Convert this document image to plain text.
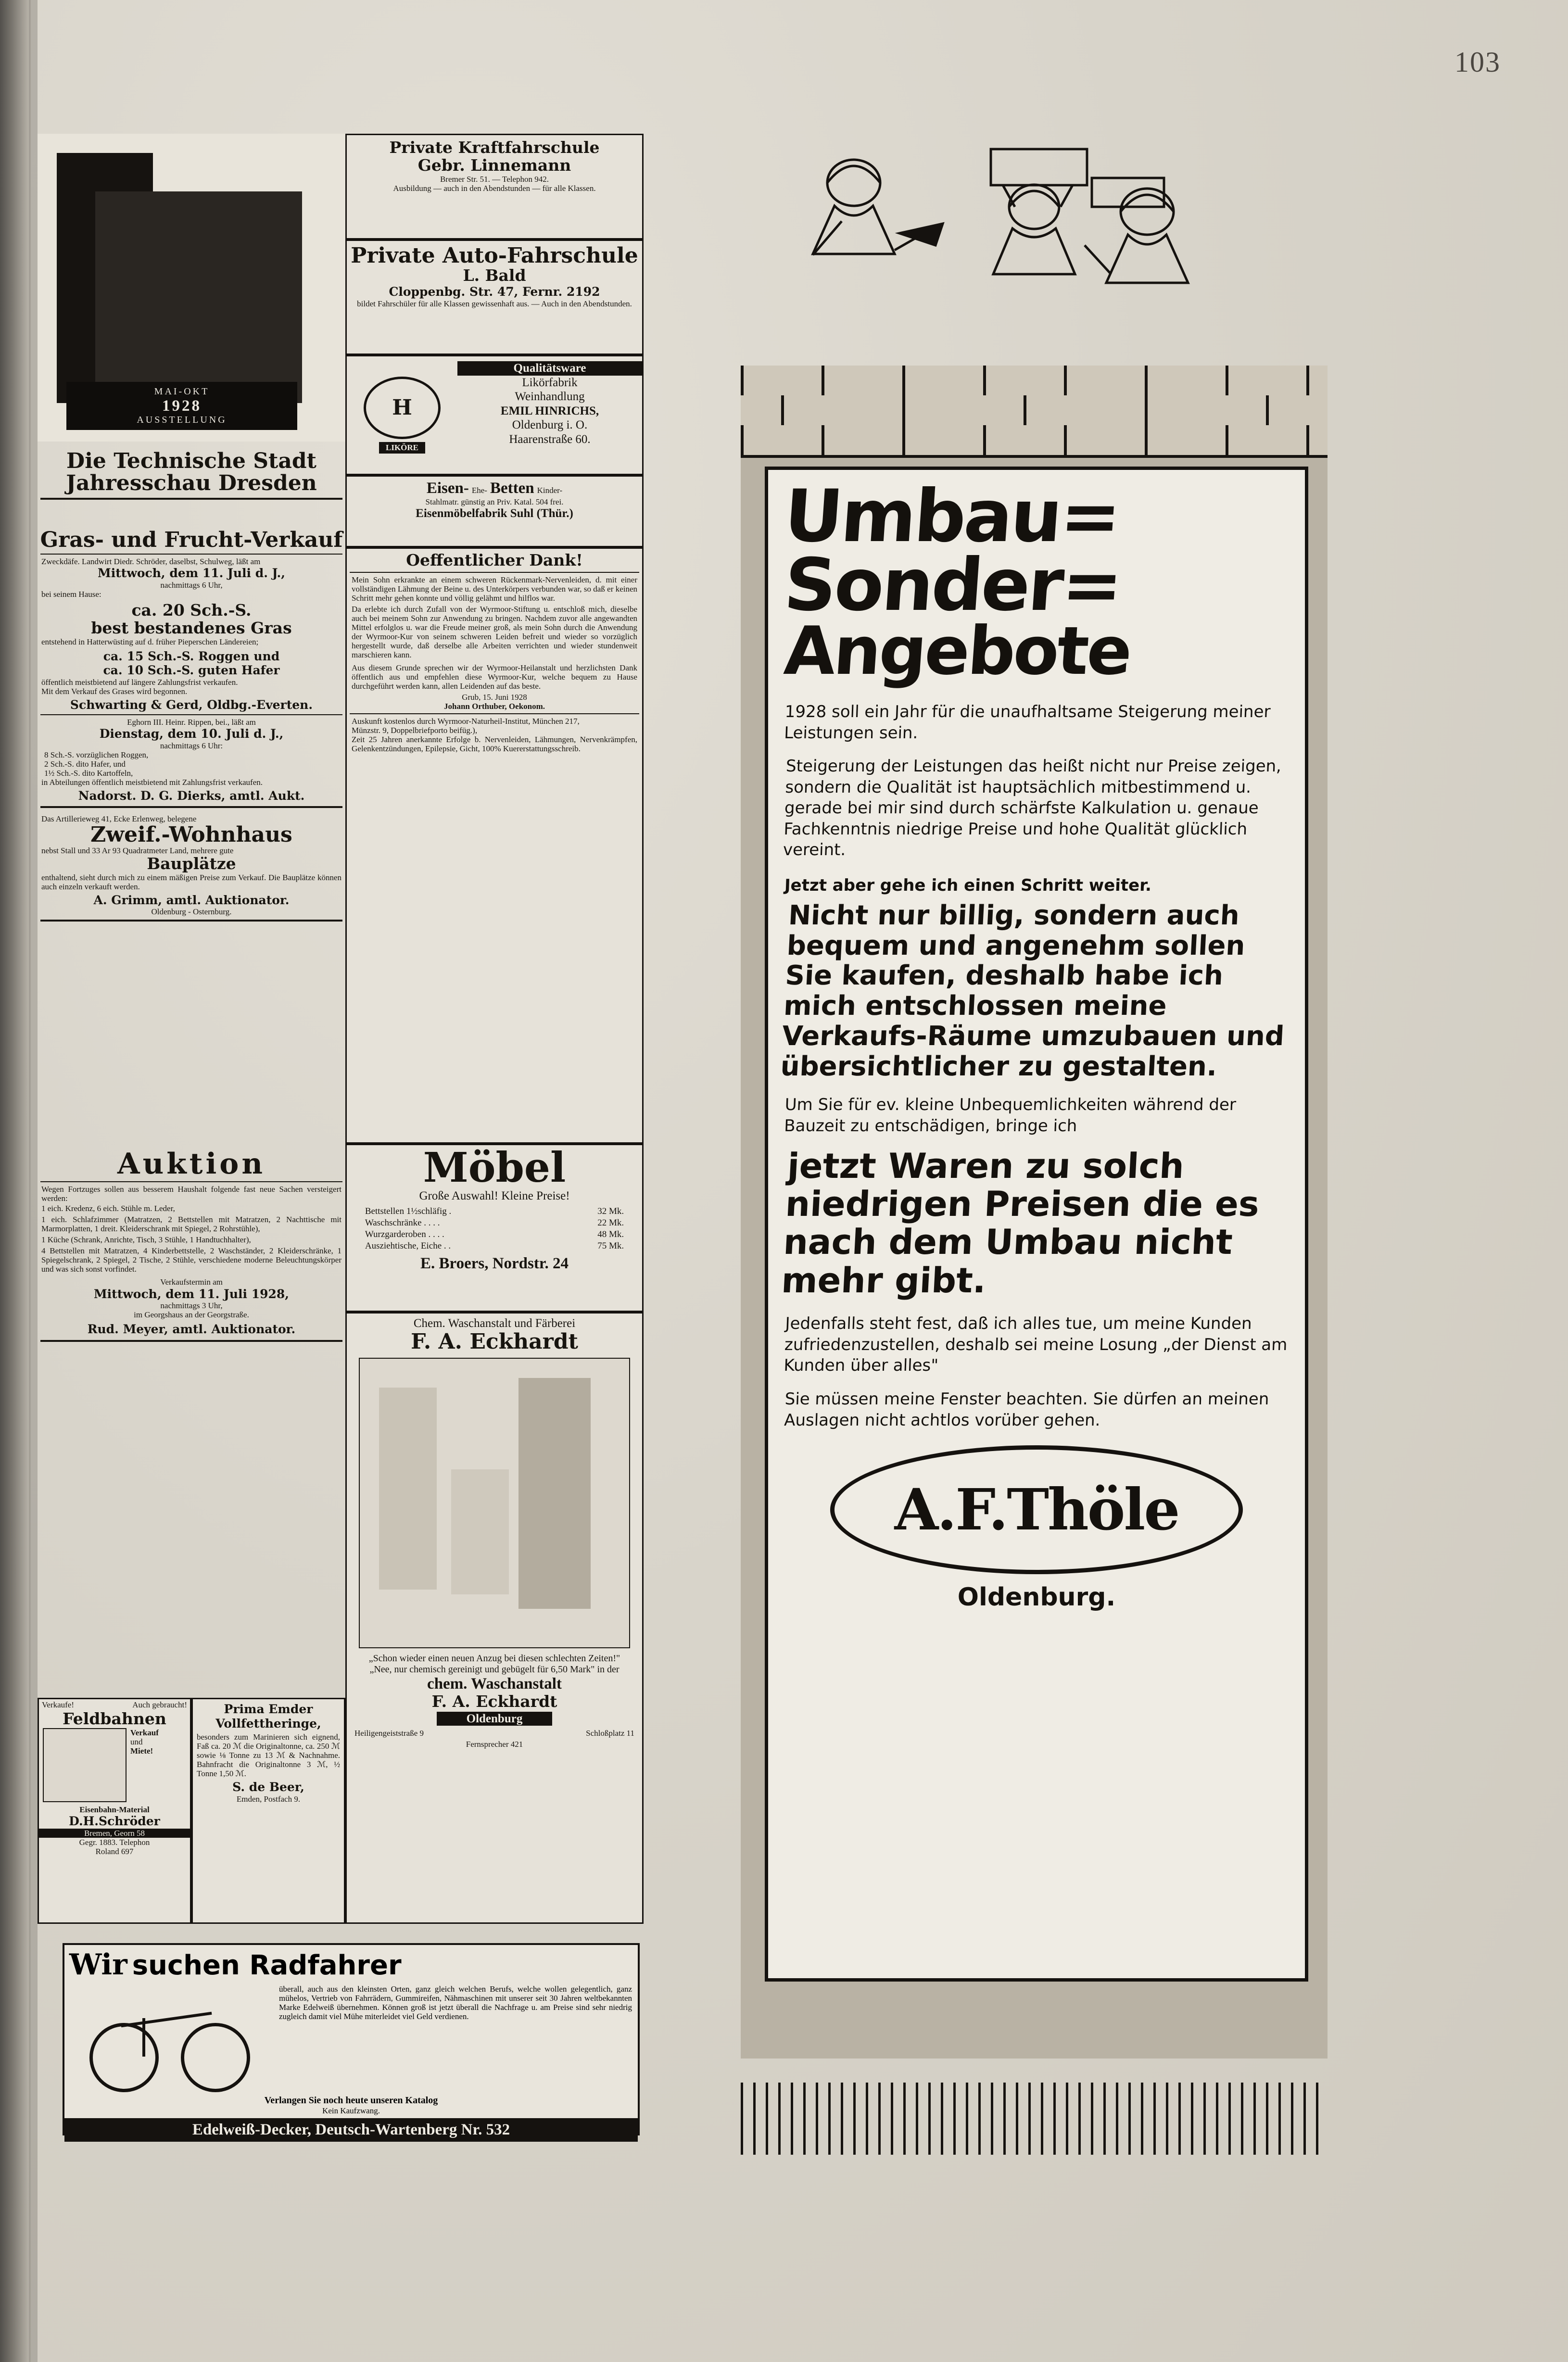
103
MAI-OKT
1928
AUSSTELLUNG
Die Technische Stadt
Jahresschau Dresden
Gras- und Frucht-Verkauf
Zweckdäfe. Landwirt Diedr. Schröder, daselbst, Schulweg, läßt am
Mittwoch, dem 11. Juli d. J.,
nachmittags 6 Uhr,
bei seinem Hause:
ca. 20 Sch.-S.
best bestandenes Gras
entstehend in Hatterwüsting auf d. früher Pieperschen Ländereien;
ca. 15 Sch.-S. Roggen und
ca. 10 Sch.-S. guten Hafer
öffentlich meistbietend auf längere Zahlungsfrist verkaufen.
Mit dem Verkauf des Grases wird begonnen.
Schwarting & Gerd, Oldbg.-Everten.
Eghorn III. Heinr. Rippen, bei., läßt am
Dienstag, dem 10. Juli d. J.,
nachmittags 6 Uhr:
8 Sch.-S. vorzüglichen Roggen,
2 Sch.-S. dito Hafer, und
1½ Sch.-S. dito Kartoffeln,
in Abteilungen öffentlich meistbietend mit Zahlungsfrist verkaufen.
Nadorst. D. G. Dierks, amtl. Aukt.
Das Artillerieweg 41, Ecke Erlenweg, belegene
Zweif.-Wohnhaus
nebst Stall und 33 Ar 93 Quadratmeter Land, mehrere gute
Bauplätze
enthaltend, sieht durch mich zu einem mäßigen Preise zum Verkauf. Die Bauplätze können auch einzeln verkauft werden.
A. Grimm, amtl. Auktionator.
Oldenburg - Osternburg.
Auktion
Wegen Fortzuges sollen aus besserem Haushalt folgende fast neue Sachen versteigert werden:
1 eich. Kredenz, 6 eich. Stühle m. Leder,
1 eich. Schlafzimmer (Matratzen, 2 Bettstellen mit Matratzen, 2 Nachttische mit Marmorplatten, 1 dreit. Kleiderschrank mit Spiegel, 2 Rohrstühle),
1 Küche (Schrank, Anrichte, Tisch, 3 Stühle, 1 Handtuchhalter),
4 Bettstellen mit Matratzen, 4 Kinderbettstelle, 2 Waschständer, 2 Kleiderschränke, 1 Spiegelschrank, 2 Spiegel, 2 Tische, 2 Stühle, verschiedene moderne Beleuchtungskörper und was sich sonst vorfindet.
Verkaufstermin am
Mittwoch, dem 11. Juli 1928,
nachmittags 3 Uhr,
im Georgshaus an der Georgstraße.
Rud. Meyer, amtl. Auktionator.
Verkaufe!	Auch gebraucht!
Feldbahnen
Verkauf
und
Miete!
Eisenbahn-Material
D.H.Schröder
Bremen, Georn 58
Gegr. 1883. Telephon
Roland 697
Prima Emder
Vollfettheringe,
besonders zum Marinieren sich eignend, Faß ca. 20 ℳ die Originaltonne, ca. 250 ℳ sowie ⅛ Tonne zu 13 ℳ & Nachnahme. Bahnfracht die Originaltonne 3 ℳ, ½ Tonne 1,50 ℳ.
S. de Beer,
Emden, Postfach 9.
Private Kraftfahrschule
Gebr. Linnemann
Bremer Str. 51. — Telephon 942.
Ausbildung — auch in den Abendstunden — für alle Klassen.
Private Auto-Fahrschule
L. Bald
Cloppenbg. Str. 47, Fernr. 2192
bildet Fahrschüler für alle Klassen gewissenhaft aus. — Auch in den Abendstunden.
H
LIKÖRE
Qualitätsware
Likörfabrik
Weinhandlung
EMIL HINRICHS,
Oldenburg i. O.
Haarenstraße 60.
Eisen- Ehe- Betten Kinder-
Stahlmatr. günstig an Priv. Katal. 504 frei.
Eisenmöbelfabrik Suhl (Thür.)
Oeffentlicher Dank!
Mein Sohn erkrankte an einem schweren Rückenmark-Nervenleiden, d. mit einer vollständigen Lähmung der Beine u. des Unterkörpers verbunden war, so daß er keinen Schritt mehr gehen konnte und völlig gelähmt und hilflos war.
Da erlebte ich durch Zufall von der Wyrmoor-Stiftung u. entschloß mich, dieselbe auch bei meinem Sohn zur Anwendung zu bringen. Nachdem zuvor alle angewandten Mittel erfolglos u. war die Freude meiner groß, als mein Sohn durch die Anwendung der Wyrmoor-Kur von seinem schweren Leiden befreit und wieder so vorzüglich hergestellt wurde, daß derselbe alle Arbeiten verrichten und wieder stundenweit marschieren kann.
Aus diesem Grunde sprechen wir der Wyrmoor-Heilanstalt und herzlichsten Dank öffentlich aus und empfehlen diese Wyrmoor-Kur, welche bequem zu Hause durchgeführt werden kann, allen Leidenden auf das beste.
Grub, 15. Juni 1928
Johann Orthuber, Oekonom.
Auskunft kostenlos durch Wyrmoor-Naturheil-Institut, München 217,
Münzstr. 9, Doppelbriefporto beifüg.),
Zeit 25 Jahren anerkannte Erfolge b. Nervenleiden, Lähmungen, Nervenkrämpfen, Gelenkentzündungen, Epilepsie, Gicht, 100% Kuererstattungsschreib.
Möbel
Große Auswahl! Kleine Preise!
Bettstellen 1½schläfig .	32 Mk.
Waschschränke . . . .	22 Mk.
Wurzgarderoben . . . .	48 Mk.
Ausziehtische, Eiche . .	75 Mk.
E. Broers, Nordstr. 24
Chem. Waschanstalt und Färberei
F. A. Eckhardt
„Schon wieder einen neuen Anzug bei diesen schlechten Zeiten!"
„Nee, nur chemisch gereinigt und gebügelt für 6,50 Mark" in der
chem. Waschanstalt
F. A. Eckhardt
Oldenburg
Heiligengeiststraße 9	Schloßplatz 11
Fernsprecher 421
Wir suchen Radfahrer
überall, auch aus den kleinsten Orten, ganz gleich welchen Berufs, welche wollen gelegentlich, ganz mühelos, Vertrieb von Fahrrädern, Gummireifen, Nähmaschinen mit unserer seit 30 Jahren weltbekannten Marke Edelweiß übernehmen. Können groß ist jetzt überall die Nachfrage u. am Preise sind sehr niedrig zugleich damit viel Mühe miterleidet viel Geld verdienen.
Verlangen Sie noch heute unseren Katalog
Kein Kaufzwang.
Edelweiß-Decker, Deutsch-Wartenberg Nr. 532
Umbau=
Sonder=
Angebote
1928 soll ein Jahr für die unaufhaltsame Steigerung meiner Leistungen sein.
Steigerung der Leistungen das heißt nicht nur Preise zeigen, sondern die Qualität ist hauptsächlich mitbestimmend u. gerade bei mir sind durch schärfste Kalkulation u. genaue Fachkenntnis niedrige Preise und hohe Qualität glücklich vereint.
Jetzt aber gehe ich einen Schritt weiter.
Nicht nur billig, sondern auch bequem und angenehm sollen Sie kaufen, deshalb habe ich mich entschlossen meine Verkaufs-Räume umzubauen und übersichtlicher zu gestalten.
Um Sie für ev. kleine Unbequemlichkeiten während der Bauzeit zu entschädigen, bringe ich
jetzt Waren zu solch niedrigen Preisen die es nach dem Umbau nicht mehr gibt.
Jedenfalls steht fest, daß ich alles tue, um meine Kunden zufriedenzustellen, deshalb sei meine Losung „der Dienst am Kunden über alles"
Sie müssen meine Fenster beachten. Sie dürfen an meinen Auslagen nicht achtlos vorüber gehen.
A.F.Thöle
Oldenburg.
